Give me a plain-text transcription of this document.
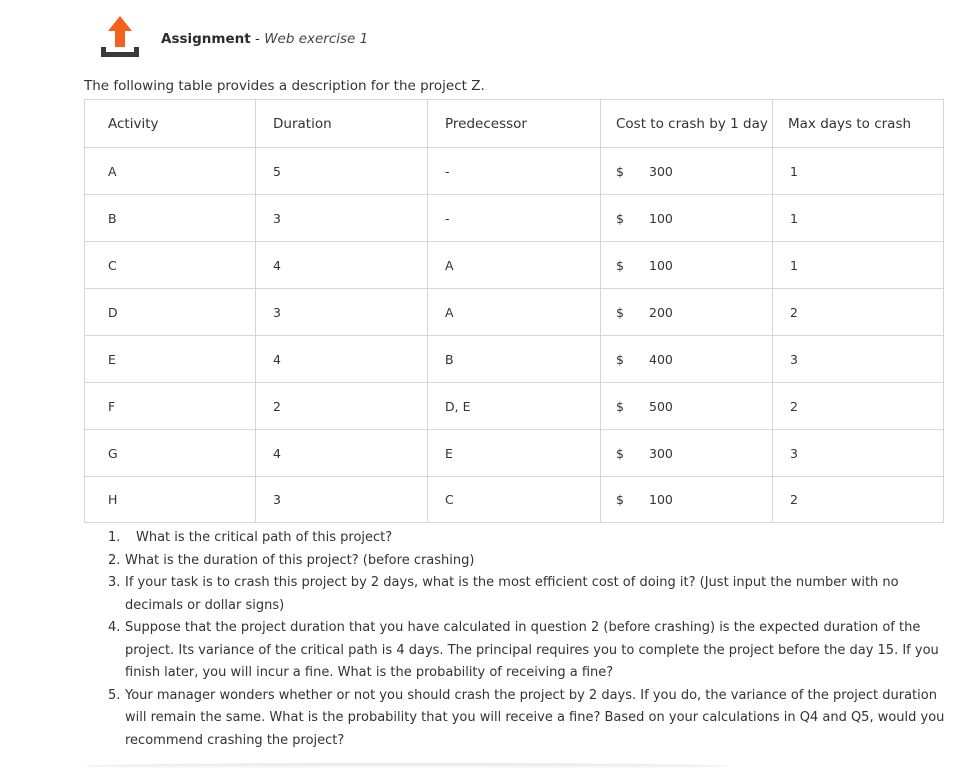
Assignment - Web exercise 1
The following table provides a description for the project Z.
Activity	Duration	Predecessor	Cost to crash by 1 day	Max days to crash

A	5	-	$ 300	1

B	3	-	$ 100	1

C	4	A	$ 100	1

D	3	A	$ 200	2

E	4	B	$ 400	3

F	2	D, E	$ 500	2

G	4	E	$ 300	3

H	3	C	$ 100	2
1. What is the critical path of this project?
2. What is the duration of this project? (before crashing)
3. If your task is to crash this project by 2 days, what is the most efficient cost of doing it? (Just input the number with no decimals or dollar signs)
4. Suppose that the project duration that you have calculated in question 2 (before crashing) is the expected duration of the project. Its variance of the critical path is 4 days. The principal requires you to complete the project before the day 15. If you finish later, you will incur a fine. What is the probability of receiving a fine?
5. Your manager wonders whether or not you should crash the project by 2 days. If you do, the variance of the project duration will remain the same. What is the probability that you will receive a fine? Based on your calculations in Q4 and Q5, would you recommend crashing the project?
